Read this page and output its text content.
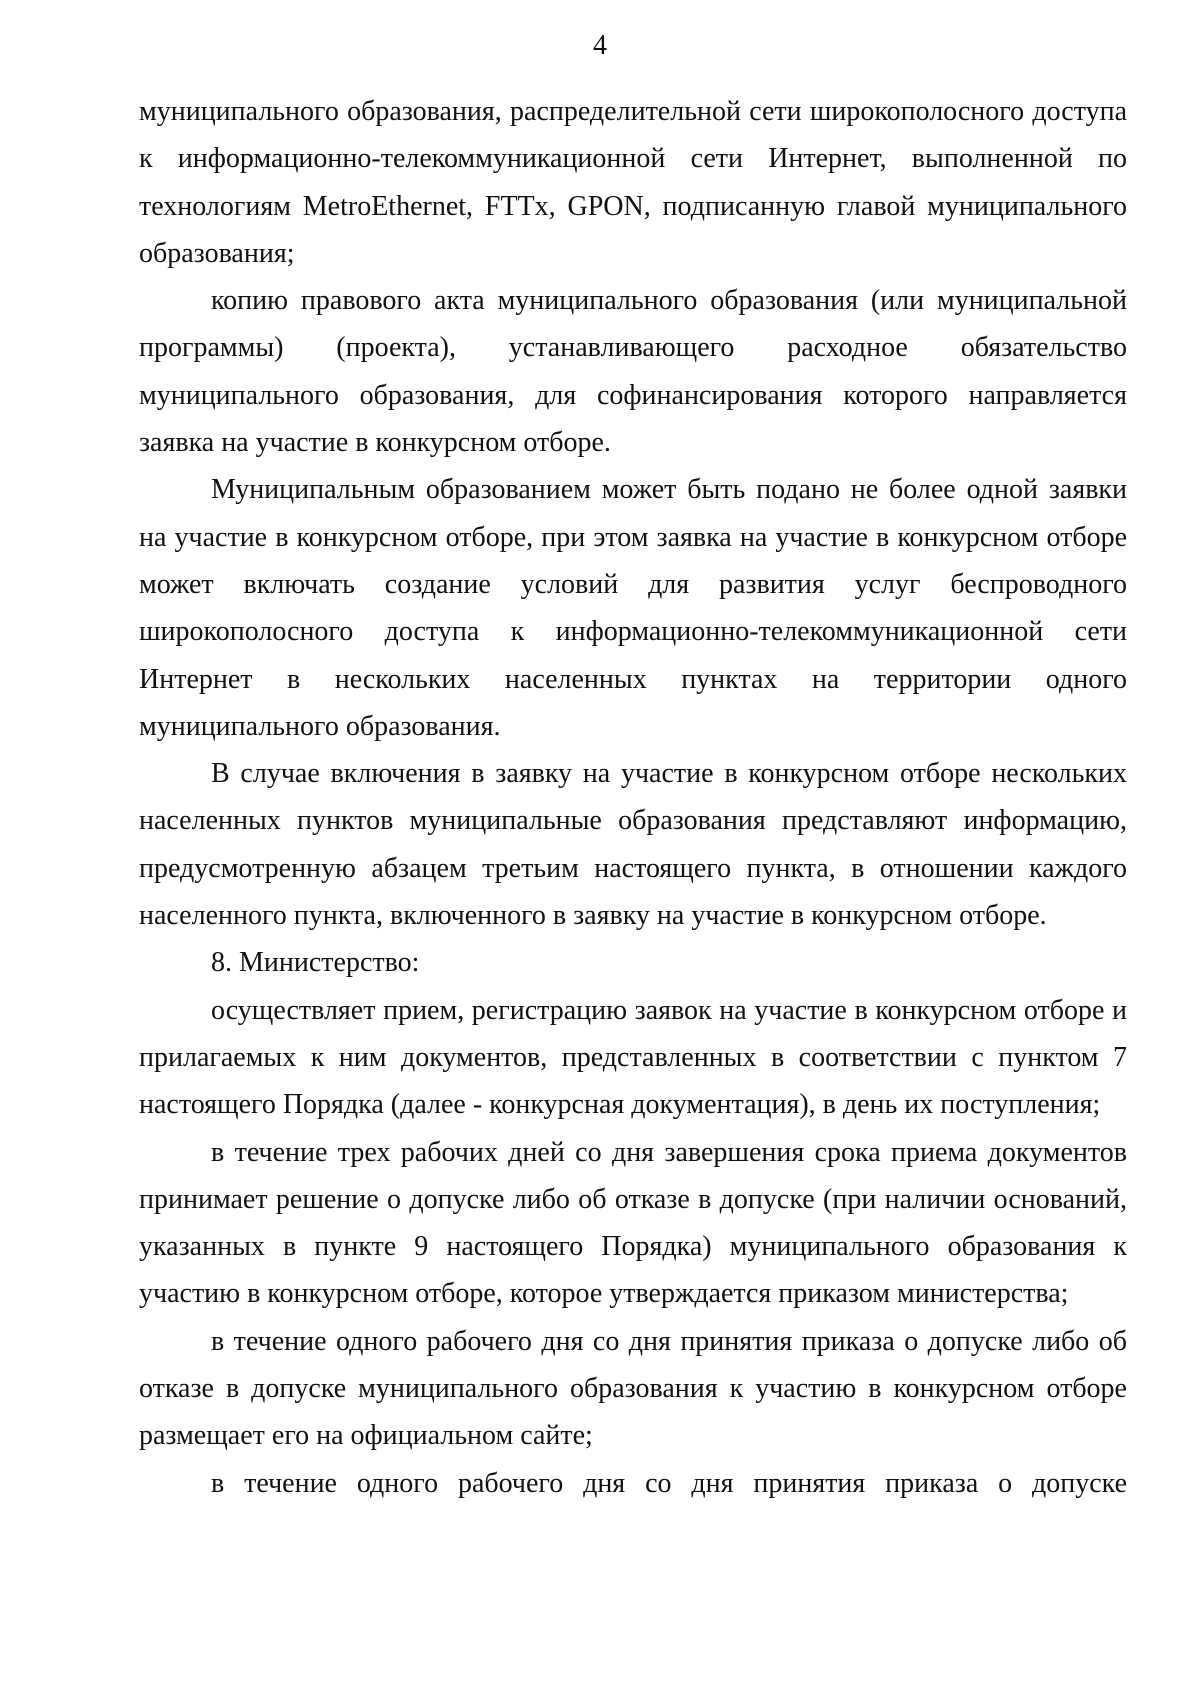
4

муниципального образования, распределительной сети широкополосного доступа к информационно-телекоммуникационной сети Интернет, выполненной по технологиям MetroEthernet, FTTx, GPON, подписанную главой муниципального образования;

копию правового акта муниципального образования (или муниципальной программы) (проекта), устанавливающего расходное обязательство муниципального образования, для софинансирования которого направляется заявка на участие в конкурсном отборе.

Муниципальным образованием может быть подано не более одной заявки на участие в конкурсном отборе, при этом заявка на участие в конкурсном отборе может включать создание условий для развития услуг беспроводного широкополосного доступа к информационно-телекоммуникационной сети Интернет в нескольких населенных пунктах на территории одного муниципального образования.

В случае включения в заявку на участие в конкурсном отборе нескольких населенных пунктов муниципальные образования представляют информацию, предусмотренную абзацем третьим настоящего пункта, в отношении каждого населенного пункта, включенного в заявку на участие в конкурсном отборе.

8. Министерство:

осуществляет прием, регистрацию заявок на участие в конкурсном отборе и прилагаемых к ним документов, представленных в соответствии с пунктом 7 настоящего Порядка (далее - конкурсная документация), в день их поступления;

в течение трех рабочих дней со дня завершения срока приема документов принимает решение о допуске либо об отказе в допуске (при наличии оснований, указанных в пункте 9 настоящего Порядка) муниципального образования к участию в конкурсном отборе, которое утверждается приказом министерства;

в течение одного рабочего дня со дня принятия приказа о допуске либо об отказе в допуске муниципального образования к участию в конкурсном отборе размещает его на официальном сайте;

в течение одного рабочего дня со дня принятия приказа о допуске
